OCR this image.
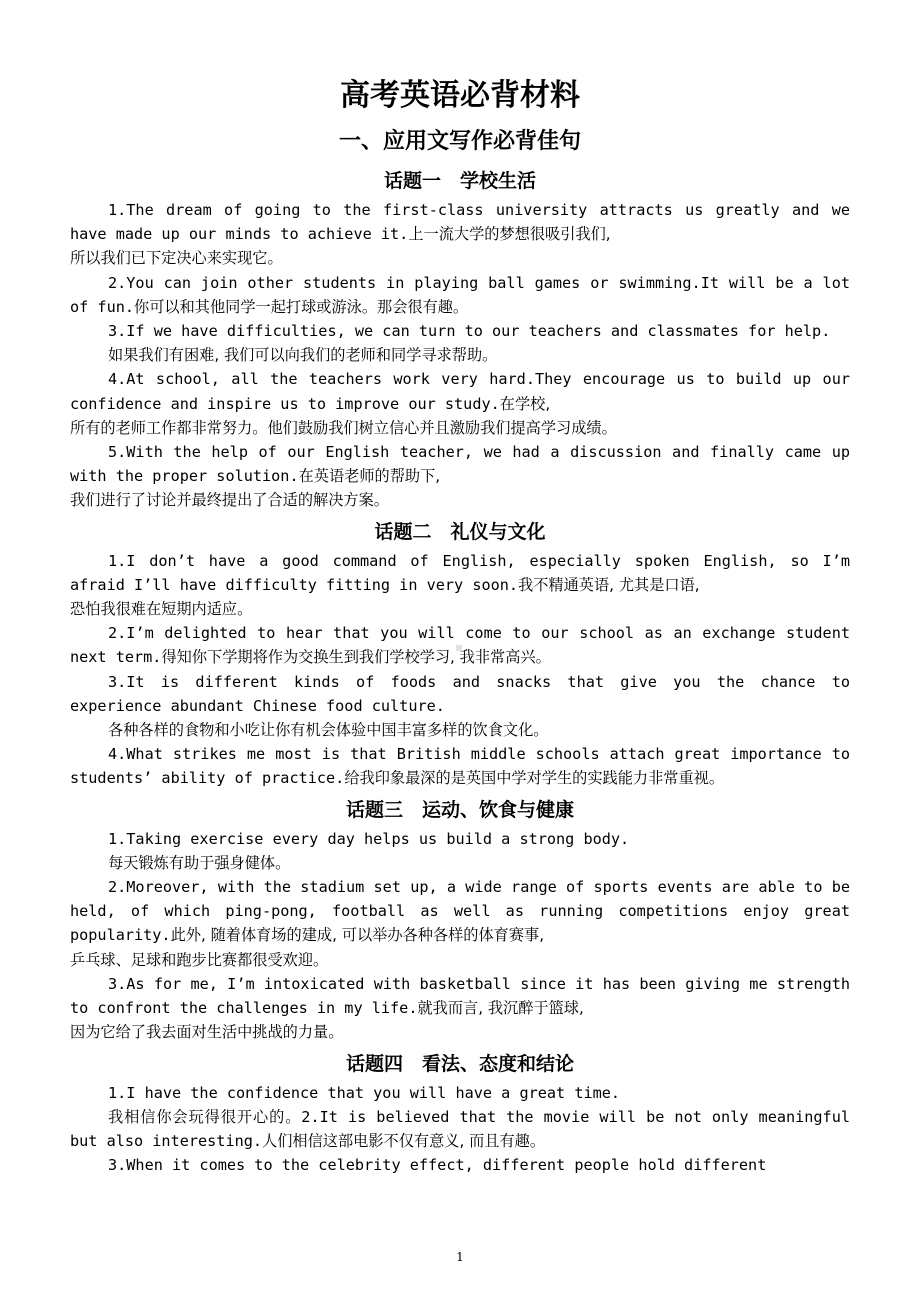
高考英语必背材料
一、应用文写作必背佳句
话题一　学校生活

1.The dream of going to the first-class university attracts us greatly and we have made up our minds to achieve it.上一流大学的梦想很吸引我们,
所以我们已下定决心来实现它。

2.You can join other students in playing ball games or swimming.It will be a lot of fun.你可以和其他同学一起打球或游泳。那会很有趣。

3.If we have difficulties, we can turn to our teachers and classmates for help.
如果我们有困难, 我们可以向我们的老师和同学寻求帮助。

4.At school, all the teachers work very hard.They encourage us to build up our confidence and inspire us to improve our study.在学校,
所有的老师工作都非常努力。他们鼓励我们树立信心并且激励我们提高学习成绩。

5.With the help of our English teacher, we had a discussion and finally came up with the proper solution.在英语老师的帮助下,
我们进行了讨论并最终提出了合适的解决方案。

话题二　礼仪与文化

1.I don’t have a good command of English, especially spoken English, so I’m afraid I’ll have difficulty fitting in very soon.我不精通英语, 尤其是口语,
恐怕我很难在短期内适应。

2.I’m delighted to hear that you will come to our school as an exchange student next term.得知你下学期将作为交换生到我们学校学习, 我非常高兴。

3.It is different kinds of foods and snacks that give you the chance to experience abundant Chinese food culture.
各种各样的食物和小吃让你有机会体验中国丰富多样的饮食文化。

4.What strikes me most is that British middle schools attach great importance to students’ ability of practice.给我印象最深的是英国中学对学生的实践能力非常重视。

话题三　运动、饮食与健康

1.Taking exercise every day helps us build a strong body.
每天锻炼有助于强身健体。

2.Moreover, with the stadium set up, a wide range of sports events are able to be held, of which ping-pong, football as well as running competitions enjoy great popularity.此外, 随着体育场的建成, 可以举办各种各样的体育赛事,
乒乓球、足球和跑步比赛都很受欢迎。

3.As for me, I’m intoxicated with basketball since it has been giving me strength to confront the challenges in my life.就我而言, 我沉醉于篮球,
因为它给了我去面对生活中挑战的力量。

话题四　看法、态度和结论

1.I have the confidence that you will have a great time.

我相信你会玩得很开心的。2.It is believed that the movie will be not only meaningful but also interesting.人们相信这部电影不仅有意义, 而且有趣。

3.When it comes to the celebrity effect, different people hold different

1
